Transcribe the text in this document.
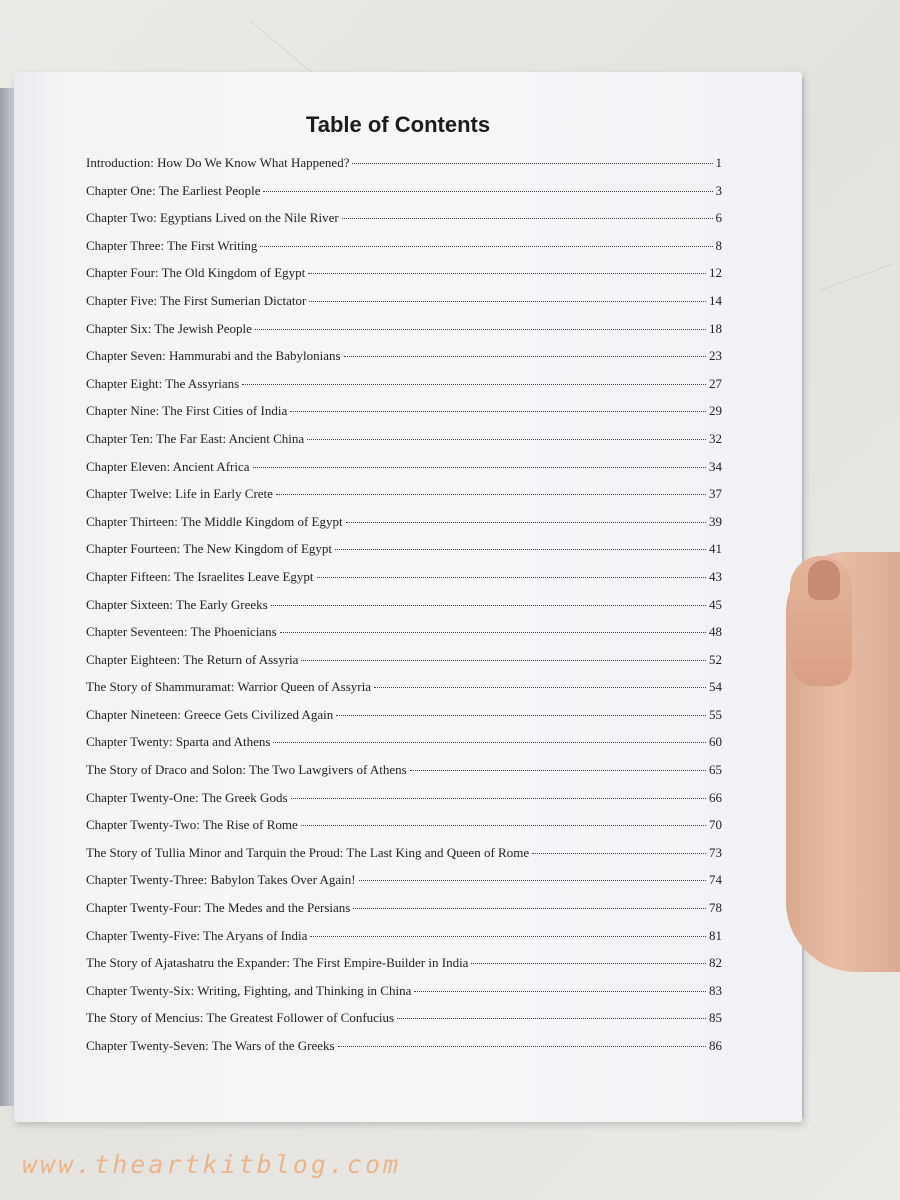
Table of Contents
Introduction: How Do We Know What Happened?	1
Chapter One: The Earliest People	3
Chapter Two: Egyptians Lived on the Nile River	6
Chapter Three: The First Writing	8
Chapter Four: The Old Kingdom of Egypt	12
Chapter Five: The First Sumerian Dictator	14
Chapter Six: The Jewish People	18
Chapter Seven: Hammurabi and the Babylonians	23
Chapter Eight: The Assyrians	27
Chapter Nine: The First Cities of India	29
Chapter Ten: The Far East: Ancient China	32
Chapter Eleven: Ancient Africa	34
Chapter Twelve: Life in Early Crete	37
Chapter Thirteen: The Middle Kingdom of Egypt	39
Chapter Fourteen: The New Kingdom of Egypt	41
Chapter Fifteen: The Israelites Leave Egypt	43
Chapter Sixteen: The Early Greeks	45
Chapter Seventeen: The Phoenicians	48
Chapter Eighteen: The Return of Assyria	52
The Story of Shammuramat: Warrior Queen of Assyria	54
Chapter Nineteen: Greece Gets Civilized Again	55
Chapter Twenty: Sparta and Athens	60
The Story of Draco and Solon: The Two Lawgivers of Athens	65
Chapter Twenty-One: The Greek Gods	66
Chapter Twenty-Two: The Rise of Rome	70
The Story of Tullia Minor and Tarquin the Proud: The Last King and Queen of Rome	73
Chapter Twenty-Three: Babylon Takes Over Again!	74
Chapter Twenty-Four: The Medes and the Persians	78
Chapter Twenty-Five: The Aryans of India	81
The Story of Ajatashatru the Expander: The First Empire-Builder in India	82
Chapter Twenty-Six: Writing, Fighting, and Thinking in China	83
The Story of Mencius: The Greatest Follower of Confucius	85
Chapter Twenty-Seven: The Wars of the Greeks	86
www.theartkitblog.com
